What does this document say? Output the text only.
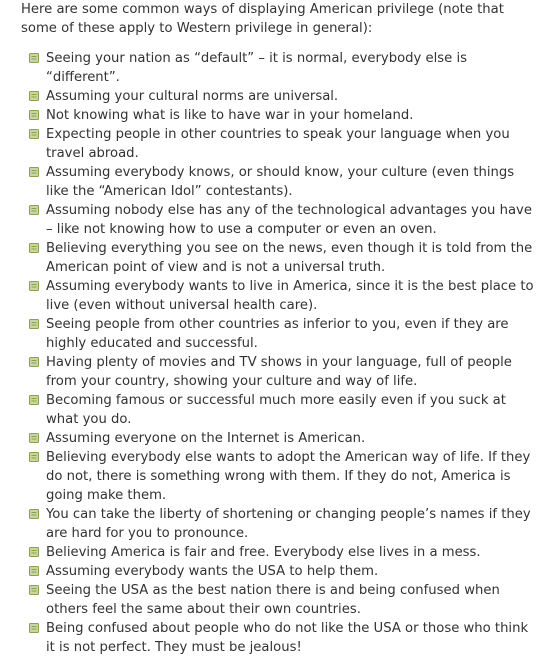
Here are some common ways of displaying American privilege (note that some of these apply to Western privilege in general):

Seeing your nation as “default” – it is normal, everybody else is “different”.
Assuming your cultural norms are universal.
Not knowing what is like to have war in your homeland.
Expecting people in other countries to speak your language when you travel abroad.
Assuming everybody knows, or should know, your culture (even things like the “American Idol” contestants).
Assuming nobody else has any of the technological advantages you have – like not knowing how to use a computer or even an oven.
Believing everything you see on the news, even though it is told from the American point of view and is not a universal truth.
Assuming everybody wants to live in America, since it is the best place to live (even without universal health care).
Seeing people from other countries as inferior to you, even if they are highly educated and successful.
Having plenty of movies and TV shows in your language, full of people from your country, showing your culture and way of life.
Becoming famous or successful much more easily even if you suck at what you do.
Assuming everyone on the Internet is American.
Believing everybody else wants to adopt the American way of life. If they do not, there is something wrong with them. If they do not, America is going make them.
You can take the liberty of shortening or changing people’s names if they are hard for you to pronounce.
Believing America is fair and free. Everybody else lives in a mess.
Assuming everybody wants the USA to help them.
Seeing the USA as the best nation there is and being confused when others feel the same about their own countries.
Being confused about people who do not like the USA or those who think it is not perfect. They must be jealous!
